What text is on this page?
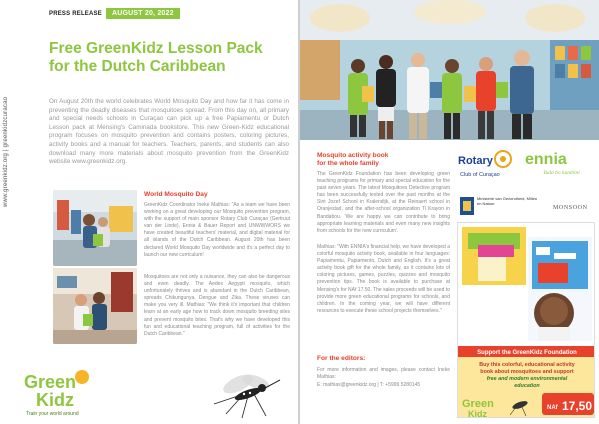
www.greenkidz.org | greenkidzcuracao
PRESS RELEASE	AUGUST 20, 2022
Free GreenKidz Lesson Pack
for the Dutch Caribbean

On August 20th the world celebrates World Mosquito Day and how far it has come in preventing the deadly diseases that mosquitoes spread. From this day on, all primary and special needs schools in Curaçao can pick up a free Papiamentu or Dutch Lesson pack at Mensing's Caminada bookstore. This new Green-Kidz educational program focuses on mosquito prevention and contains posters, coloring pictures, activity books and a manual for teachers. Teachers, parents, and students can also download many more materials about mosquito prevention from the GreenKidz website www.greenkidz.org.

World Mosquito Day

GreenKidz Coordinator Ineke Mathias: "As a team we have been working on a great developing our Mosquito prevention program, with the support of main sponsor Rotary Club Curaçao (Gertruut van der Linde), Ennia & Bauer Report and UNWWWORS we have created beautiful teachers' material, and digital material for all islands of the Dutch Caribbean. August 20th has been declared World Mosquito Day worldwide and it's a perfect day to launch our new curriculum!

Mosquitoes are not only a nuisance, they can also be dangerous and even deadly. The Aedes Aegypti mosquito, which unfortunately thrives and is abundant in the Dutch Caribbean, spreads Chikungunya, Dengue and Zika. These viruses can make you very ill. Mathias: "We think it's important that children learn at an early age how to track down mosquito breeding sites and prevent mosquito bites. That's why we have developed this fun and educational teaching program, full of activities for the Dutch Caribbean."

Green
Kidz
Train your world around
Mosquito activity book
for the whole family

The GreenKidz Foundation has been developing green teaching programs for primary and special education for the past seven years. The latest Mosquitoes Detective program has been successfully tested over the past months at the Sint Jozef School in Kralendijk, at the Reinaert school in Oranjestad, and the after-school organization Ti Krayon in Bandabou. 'We are happy we can contribute to bring appropriate learning materials and even many new insights from schools for the new curriculum'.

Mathias: "With ENNIA's financial help, we have developed a colorful mosquito activity book, available in four languages: Papiamentu, Papiamento, Dutch and English. It's a great activity book gift for the whole family, as it contains lots of coloring pictures, games, puzzles, quizzes and mosquito prevention tips. The book is available to purchase at Mensing's for NAf 17.50. The sales proceeds will be used to provide more green educational programs for schools, and children. In the coming year, we will have different resources to execute these school projects themselves."

For the editors:

For more information and images, please contact Ineke Mathias:

E: mathias@greenkidz.org | T: +5999 5280145

Rotary
Club of Curaçao
ennia
Yuda bo kumbini
Ministerie van Gezondheid, Milieu en Natuur
MONSOON
Support the GreenKidz Foundation
Buy this colorful, educational activity
book about mosquitoes and support
free and modern environmental
education
Green
Kidz
NAf 17,50
